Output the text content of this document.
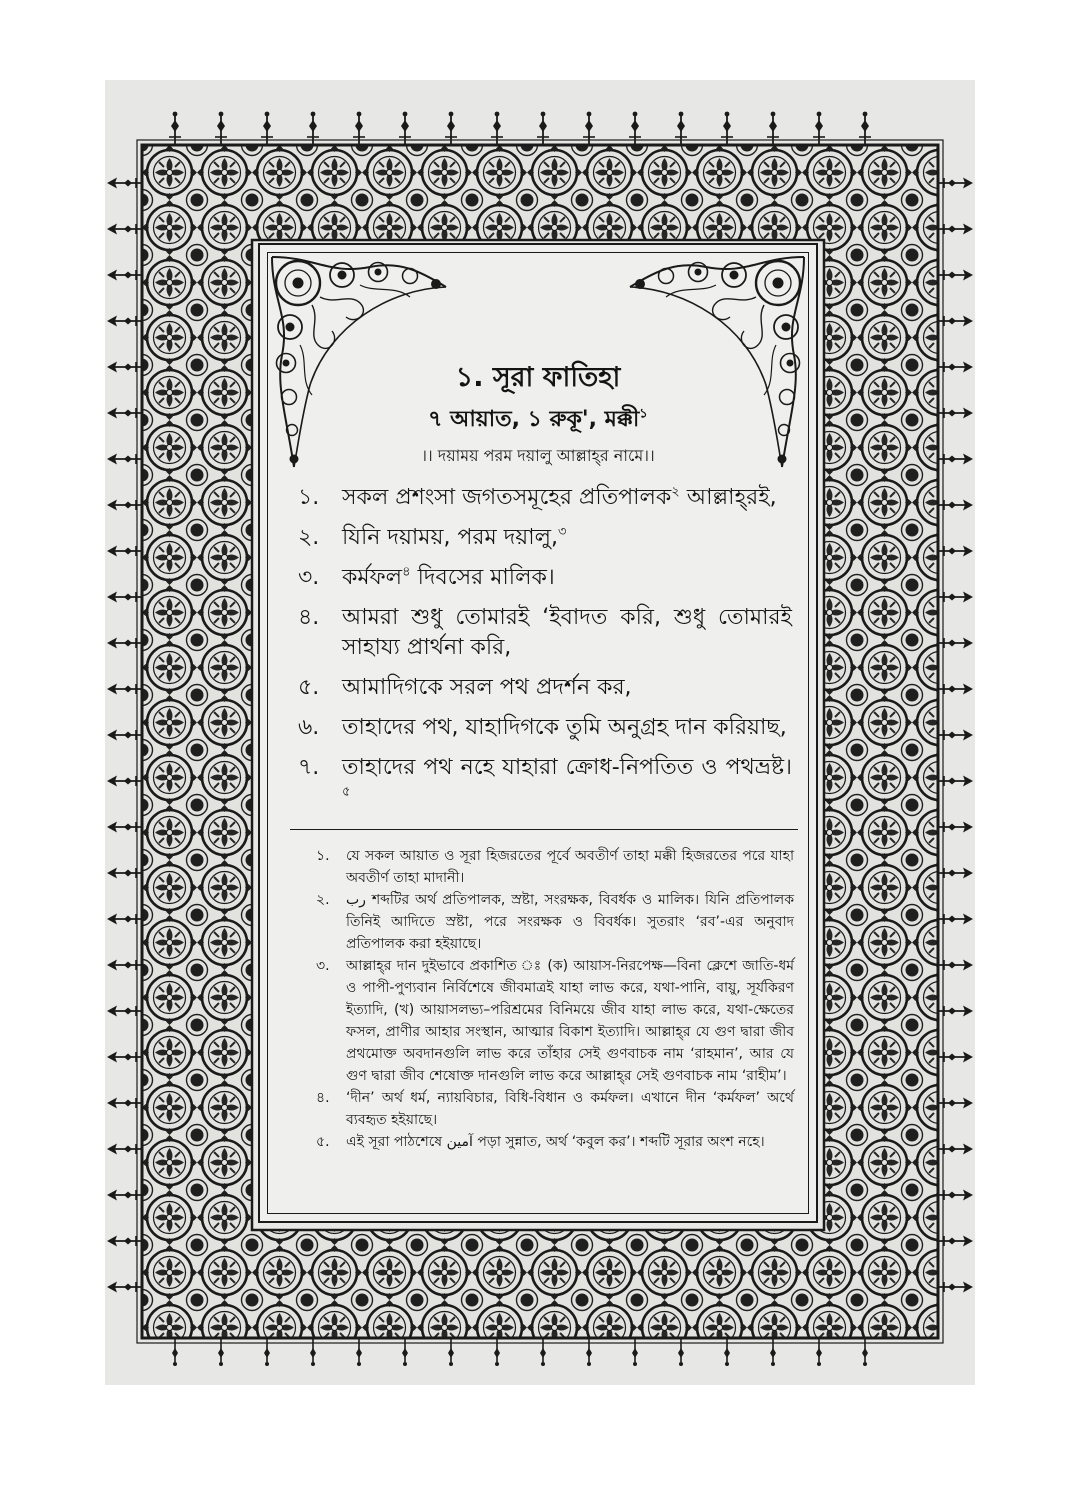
১. সূরা ফাতিহা
৭ আয়াত, ১ রুকূ', মক্কী$^১$
।। দয়াময় পরম দয়ালু আল্লাহ্‌র নামে।।
১.	সকল প্রশংসা জগতসমূহের প্রতিপালক$^২$ আল্লাহ্‌রই,
২.	যিনি দয়াময়, পরম দয়ালু,$^৩$
৩.	কর্মফল$^৪$ দিবসের মালিক।
৪.	আমরা শুধু তোমারই ‘ইবাদত করি, শুধু তোমারই সাহায্য প্রার্থনা করি,
৫.	আমাদিগকে সরল পথ প্রদর্শন কর,
৬.	তাহাদের পথ, যাহাদিগকে তুমি অনুগ্রহ দান করিয়াছ,
৭.	তাহাদের পথ নহে যাহারা ক্রোধ-নিপতিত ও পথভ্রষ্ট।$^৫$
১.	যে সকল আয়াত ও সূরা হিজরতের পূর্বে অবতীর্ণ তাহা মক্কী হিজরতের পরে যাহা অবতীর্ণ তাহা মাদানী।
২.	رب শব্দটির অর্থ প্রতিপালক, স্রষ্টা, সংরক্ষক, বিবর্ধক ও মালিক। যিনি প্রতিপালক তিনিই আদিতে স্রষ্টা, পরে সংরক্ষক ও বিবর্ধক। সুতরাং ‘রব’-এর অনুবাদ প্রতিপালক করা হইয়াছে।
৩.	আল্লাহ্‌র দান দুইভাবে প্রকাশিত ঃ (ক) আয়াস-নিরপেক্ষ—বিনা ক্লেশে জাতি-ধর্ম ও পাপী-পুণ্যবান নির্বিশেষে জীবমাত্রই যাহা লাভ করে, যথা-পানি, বায়ু, সূর্যকিরণ ইত্যাদি, (খ) আয়াসলভ্য–পরিশ্রমের বিনিময়ে জীব যাহা লাভ করে, যথা-ক্ষেতের ফসল, প্রাণীর আহার সংস্থান, আত্মার বিকাশ ইত্যাদি। আল্লাহ্‌র যে গুণ দ্বারা জীব প্রথমোক্ত অবদানগুলি লাভ করে তাঁহার সেই গুণবাচক নাম ‘রাহমান’, আর যে গুণ দ্বারা জীব শেষোক্ত দানগুলি লাভ করে আল্লাহ্‌র সেই গুণবাচক নাম ‘রাহীম’।
৪.	‘দীন’ অর্থ ধর্ম, ন্যায়বিচার, বিধি-বিধান ও কর্মফল। এখানে দীন ‘কর্মফল’ অর্থে ব্যবহৃত হইয়াছে।
৫.	এই সূরা পাঠশেষে آمين পড়া সুন্নাত, অর্থ ‘কবুল কর’। শব্দটি সূরার অংশ নহে।
